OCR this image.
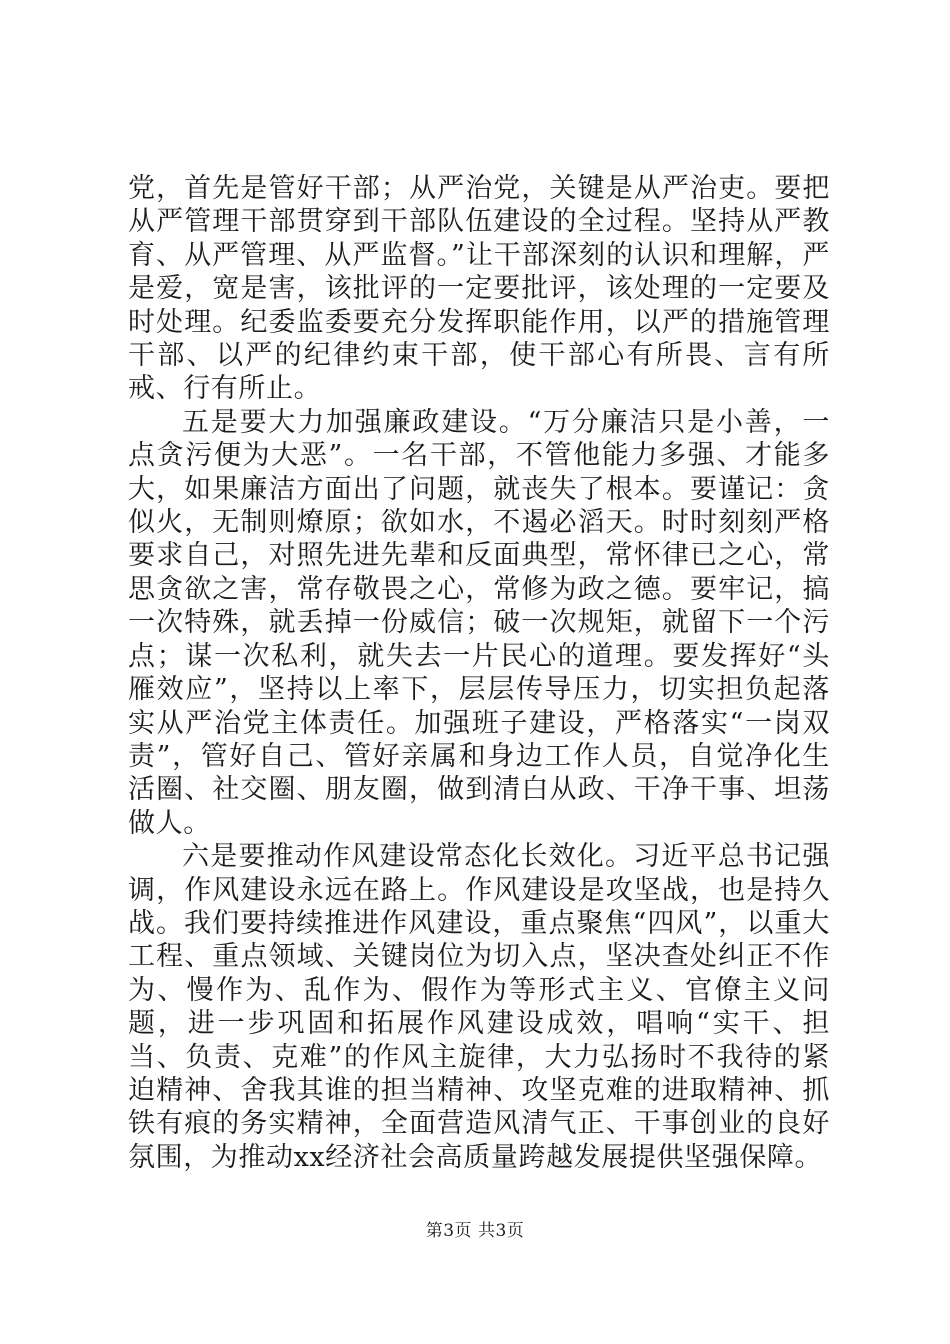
党，首先是管好干部；从严治党，关键是从严治吏。要把从严管理干部贯穿到干部队伍建设的全过程。坚持从严教育、从严管理、从严监督。”让干部深刻的认识和理解，严是爱，宽是害，该批评的一定要批评，该处理的一定要及时处理。纪委监委要充分发挥职能作用，以严的措施管理干部、以严的纪律约束干部，使干部心有所畏、言有所戒、行有所止。

五是要大力加强廉政建设。“万分廉洁只是小善，一点贪污便为大恶”。一名干部，不管他能力多强、才能多大，如果廉洁方面出了问题，就丧失了根本。要谨记：贪似火，无制则燎原；欲如水，不遏必滔天。时时刻刻严格要求自己，对照先进先辈和反面典型，常怀律已之心，常思贪欲之害，常存敬畏之心，常修为政之德。要牢记，搞一次特殊，就丢掉一份威信；破一次规矩，就留下一个污点；谋一次私利，就失去一片民心的道理。要发挥好“头雁效应”，坚持以上率下，层层传导压力，切实担负起落实从严治党主体责任。加强班子建设，严格落实“一岗双责”，管好自己、管好亲属和身边工作人员，自觉净化生活圈、社交圈、朋友圈，做到清白从政、干净干事、坦荡做人。

六是要推动作风建设常态化长效化。习近平总书记强调，作风建设永远在路上。作风建设是攻坚战，也是持久战。我们要持续推进作风建设，重点聚焦“四风”，以重大工程、重点领域、关键岗位为切入点，坚决查处纠正不作为、慢作为、乱作为、假作为等形式主义、官僚主义问题，进一步巩固和拓展作风建设成效，唱响“实干、担当、负责、克难”的作风主旋律，大力弘扬时不我待的紧迫精神、舍我其谁的担当精神、攻坚克难的进取精神、抓铁有痕的务实精神，全面营造风清气正、干事创业的良好氛围，为推动xx经济社会高质量跨越发展提供坚强保障。

第3页 共3页
